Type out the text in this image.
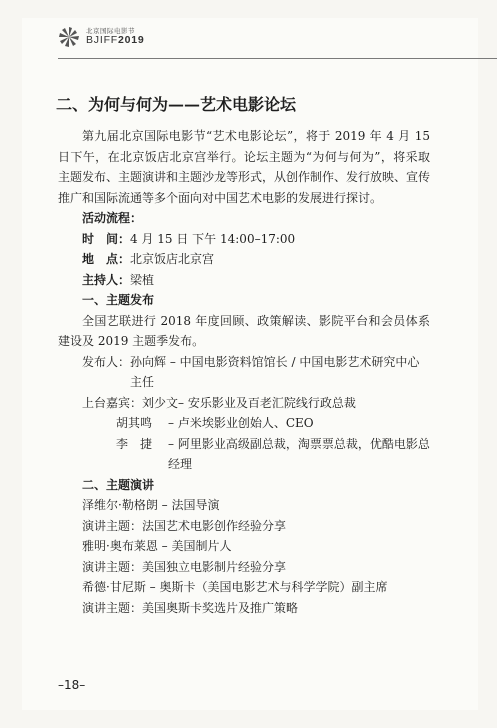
北京国际电影节
BJIFF2019
二、为何与何为——艺术电影论坛
第九届北京国际电影节“艺术电影论坛”，将于 2019 年 4 月 15 日下午，在北京饭店北京宫举行。论坛主题为“为何与何为”，将采取主题发布、主题演讲和主题沙龙等形式，从创作制作、发行放映、宣传推广和国际流通等多个面向对中国艺术电影的发展进行探讨。
活动流程：
时　间： 4 月 15 日 下午 14:00–17:00
地　点： 北京饭店北京宫
主持人： 梁植
一、主题发布
全国艺联进行 2018 年度回顾、政策解读、影院平台和会员体系建设及 2019 主题季发布。
发布人： 孙向辉 – 中国电影资料馆馆长 / 中国电影艺术研究中心主任
上台嘉宾： 刘少文 – 安乐影业及百老汇院线行政总裁
胡其鸣	– 卢米埃影业创始人、CEO
李　捷	– 阿里影业高级副总裁，淘票票总裁，优酷电影总经理
二、主题演讲
泽维尔·勒格朗 – 法国导演
演讲主题：法国艺术电影创作经验分享
雅明·奥布莱恩 – 美国制片人
演讲主题：美国独立电影制片经验分享
希德·甘尼斯 – 奥斯卡（美国电影艺术与科学学院）副主席
演讲主题：美国奥斯卡奖选片及推广策略
–18–
